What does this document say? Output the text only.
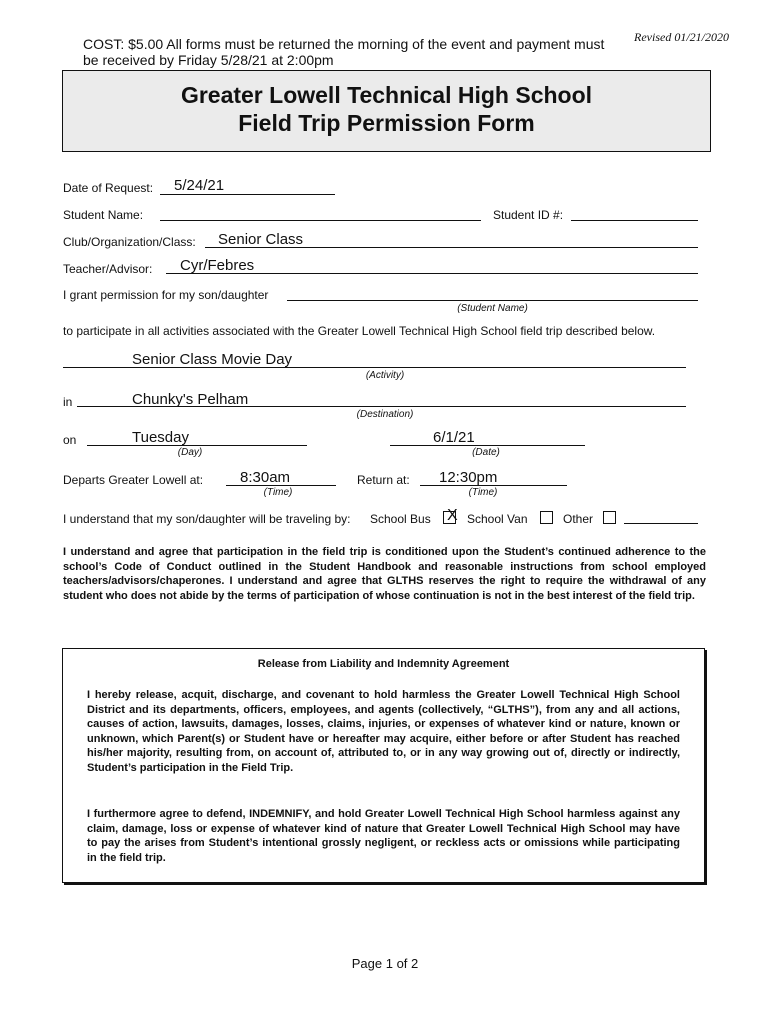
COST: $5.00 All forms must be returned the morning of the event and payment must be received by Friday 5/28/21 at 2:00pm
Revised 01/21/2020
Greater Lowell Technical High School
Field Trip Permission Form
Date of Request: 5/24/21
Student Name:	Student ID #:
Club/Organization/Class: Senior Class
Teacher/Advisor: Cyr/Febres
I grant permission for my son/daughter
(Student Name)
to participate in all activities associated with the Greater Lowell Technical High School field trip described below.
Senior Class Movie Day
(Activity)
in	Chunky's Pelham
(Destination)
on	Tuesday
(Day)
6/1/21
(Date)
Departs Greater Lowell at: 8:30am
(Time)
Return at: 12:30pm
(Time)
I understand that my son/daughter will be traveling by: School Bus X School Van	Other
I understand and agree that participation in the field trip is conditioned upon the Student’s continued adherence to the school’s Code of Conduct outlined in the Student Handbook and reasonable instructions from school employed teachers/advisors/chaperones. I understand and agree that GLTHS reserves the right to require the withdrawal of any student who does not abide by the terms of participation of whose continuation is not in the best interest of the field trip.
Release from Liability and Indemnity Agreement
I hereby release, acquit, discharge, and covenant to hold harmless the Greater Lowell Technical High School District and its departments, officers, employees, and agents (collectively, “GLTHS”), from any and all actions, causes of action, lawsuits, damages, losses, claims, injuries, or expenses of whatever kind or nature, known or unknown, which Parent(s) or Student have or hereafter may acquire, either before or after Student has reached his/her majority, resulting from, on account of, attributed to, or in any way growing out of, directly or indirectly, Student’s participation in the Field Trip.
I furthermore agree to defend, INDEMNIFY, and hold Greater Lowell Technical High School harmless against any claim, damage, loss or expense of whatever kind of nature that Greater Lowell Technical High School may have to pay the arises from Student’s intentional grossly negligent, or reckless acts or omissions while participating in the field trip.
Page 1 of 2
